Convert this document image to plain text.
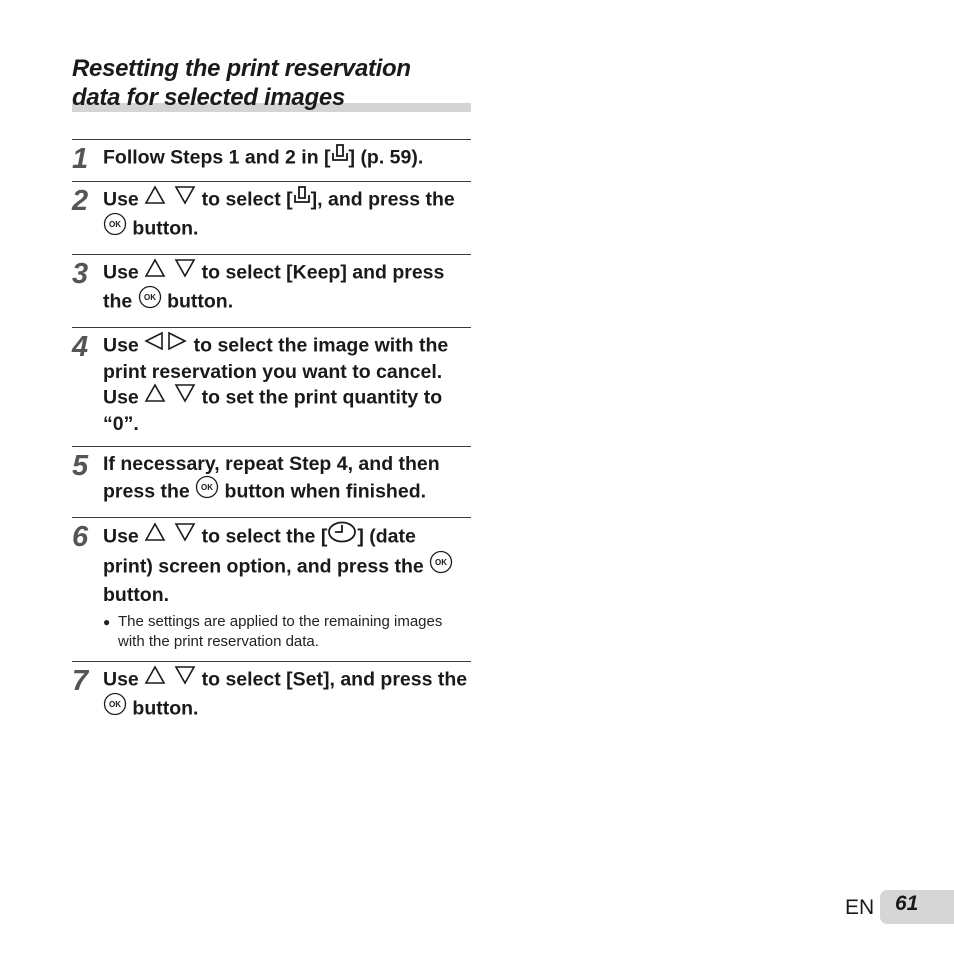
Resetting the print reservation
data for selected images
1 Follow Steps 1 and 2 in [ ] (p. 59).
2 Use	to select [ ], and press the
OK button.
3 Use	to select [Keep] and press the OK button.
4 Use  to select the image with the print reservation you want to cancel. Use	to set the print quantity to “0”.
5 If necessary, repeat Step 4, and then press the OK button when finished.
6 Use	to select the [ ] (date print) screen option, and press the OK
button.
● The settings are applied to the remaining images with the print reservation data.
7 Use	to select [Set], and press the
OK button.
EN 61
